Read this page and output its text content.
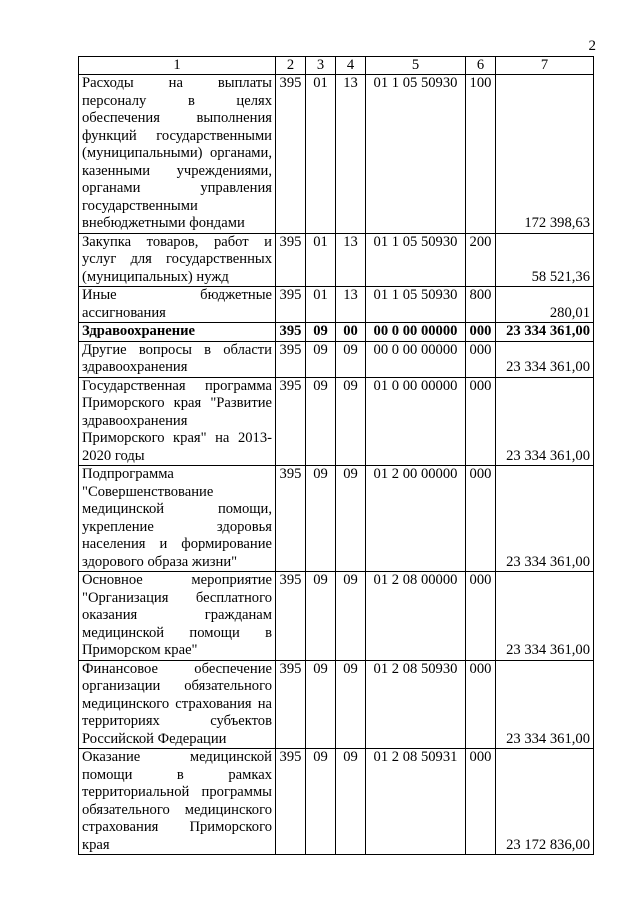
2
1	2	3	4	5	6	7
Расходы на выплаты персоналу в целях обеспечения выполнения функций государственными (муниципальными) органами, казенными учреждениями, органами управления государственными внебюджетными фондами	395	01	13	01 1 05 50930	100	172 398,63
Закупка товаров, работ и услуг для государственных (муниципальных) нужд	395	01	13	01 1 05 50930	200	58 521,36
Иные бюджетные ассигнования	395	01	13	01 1 05 50930	800	280,01
Здравоохранение	395	09	00	00 0 00 00000	000	23 334 361,00
Другие вопросы в области здравоохранения	395	09	09	00 0 00 00000	000	23 334 361,00
Государственная программа Приморского края "Развитие здравоохранения Приморского края" на 2013-2020 годы	395	09	09	01 0 00 00000	000	23 334 361,00
Подпрограмма "Совершенствование медицинской помощи, укрепление здоровья населения и формирование здорового образа жизни"	395	09	09	01 2 00 00000	000	23 334 361,00
Основное мероприятие "Организация бесплатного оказания гражданам медицинской помощи в Приморском крае"	395	09	09	01 2 08 00000	000	23 334 361,00
Финансовое обеспечение организации обязательного медицинского страхования на территориях субъектов Российской Федерации	395	09	09	01 2 08 50930	000	23 334 361,00
Оказание медицинской помощи в рамках территориальной программы обязательного медицинского страхования Приморского края	395	09	09	01 2 08 50931	000	23 172 836,00
